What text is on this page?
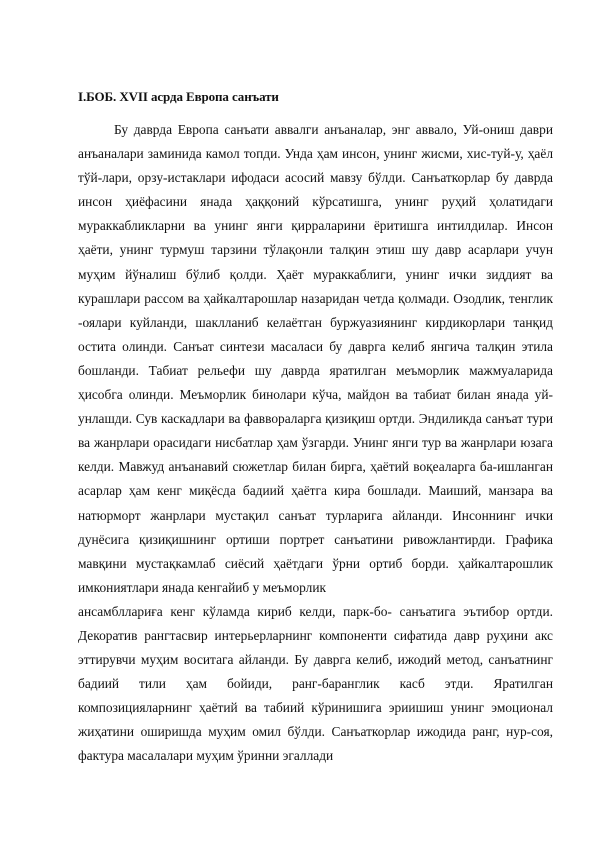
I.БОБ. XVII асрда Европа санъати

Бу даврда Европа санъати аввалги анъаналар, энг аввало, Уй-ониш даври анъаналари заминида камол топди. Унда ҳам инсон, унинг жисми, хис-туй-у, ҳаёл тўй-лари, орзу-истаклари ифодаси асосий мавзу бўлди. Санъаткорлар бу даврда инсон ҳиёфасини янада ҳаққоний кўрсатишга, унинг руҳий ҳолатидаги мураккабликларни ва унинг янги қирраларини ёритишга интилдилар. Инсон ҳаёти, унинг турмуш тарзини тўлақонли талқин этиш шу давр асарлари учун муҳим йўналиш бўлиб қолди. Ҳаёт мураккаблиги, унинг ички зиддият ва курашлари рассом ва ҳайкалтарошлар назаридан четда қолмади. Озодлик, тенглик -оялари куйланди, шаклланиб келаётган буржуазиянинг кирдикорлари танқид остита олинди. Санъат синтези масаласи бу даврга келиб янгича талқин этила бошланди. Табиат рельефи шу даврда яратилган меъморлик мажмуаларида ҳисобга олинди. Меъморлик бинолари кўча, майдон ва табиат билан янада уй-унлашди. Сув каскадлари ва фаввораларга қизиқиш ортди. Эндиликда санъат тури ва жанрлари орасидаги нисбатлар ҳам ўзгарди. Унинг янги тур ва жанрлари юзага келди. Мавжуд анъанавий сюжетлар билан бирга, ҳаётий воқеаларга ба-ишланган асарлар ҳам кенг миқёсда бадиий ҳаётга кира бошлади. Маиший, манзара ва натюрморт жанрлари мустақил санъат турларига айланди. Инсоннинг ички дунёсига қизиқишнинг ортиши портрет санъатини ривожлантирди. Графика мавқини мустақкамлаб сиёсий ҳаётдаги ўрни ортиб борди. ҳайкалтарошлик имкониятлари янада кенгайиб у меъморлик

ансамбллариға кенг кўламда кириб келди, парк-бо- санъатига эътибор ортди. Декоратив рангтасвир интерьерларнинг компоненти сифатида давр руҳини акс эттирувчи муҳим воситага айланди. Бу даврга келиб, ижодий метод, санъатнинг бадиий тили ҳам бойиди, ранг-баранглик касб этди. Яратилган композицияларнинг ҳаётий ва табиий кўринишига эриишиш унинг эмоционал жиҳатини оширишда муҳим омил бўлди. Санъаткорлар ижодида ранг, нур-соя, фактура масалалари муҳим ўринни эгаллади
